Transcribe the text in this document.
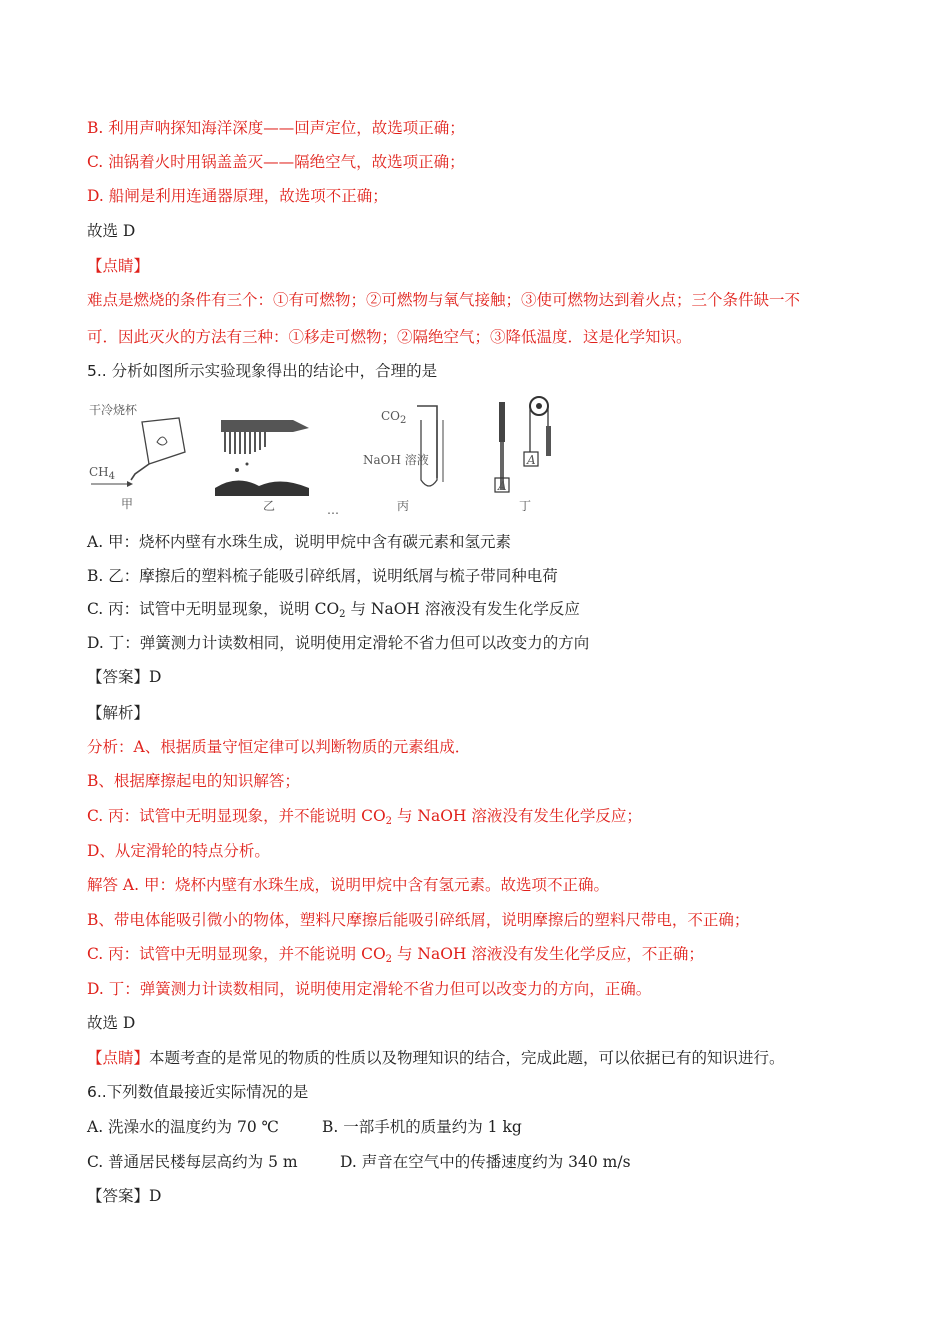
B. 利用声呐探知海洋深度——回声定位，故选项正确；
C. 油锅着火时用锅盖盖灭——隔绝空气，故选项正确；
D. 船闸是利用连通器原理，故选项不正确；
故选 D
【点睛】
难点是燃烧的条件有三个：①有可燃物；②可燃物与氧气接触；③使可燃物达到着火点；三个条件缺一不
可．因此灭火的方法有三种：①移走可燃物；②隔绝空气；③降低温度．这是化学知识。
5.. 分析如图所示实验现象得出的结论中，合理的是
干冷烧杯
$CH_4$
甲	乙	…
$CO_2$
NaOH 溶液
丙
A
A
丁
A. 甲：烧杯内壁有水珠生成，说明甲烷中含有碳元素和氢元素
B. 乙：摩擦后的塑料梳子能吸引碎纸屑，说明纸屑与梳子带同种电荷
C. 丙：试管中无明显现象，说明 $CO_2$ 与 NaOH 溶液没有发生化学反应
D. 丁：弹簧测力计读数相同，说明使用定滑轮不省力但可以改变力的方向
【答案】D
【解析】
分析：A、根据质量守恒定律可以判断物质的元素组成．
B、根据摩擦起电的知识解答；
C. 丙：试管中无明显现象，并不能说明 $CO_2$ 与 NaOH 溶液没有发生化学反应；
D、从定滑轮的特点分析。
解答 A. 甲：烧杯内壁有水珠生成，说明甲烷中含有氢元素。故选项不正确。
B、带电体能吸引微小的物体，塑料尺摩擦后能吸引碎纸屑，说明摩擦后的塑料尺带电，不正确；
C. 丙：试管中无明显现象，并不能说明 $CO_2$ 与 NaOH 溶液没有发生化学反应，不正确；
D. 丁：弹簧测力计读数相同，说明使用定滑轮不省力但可以改变力的方向，正确。
故选 D
【点睛】本题考查的是常见的物质的性质以及物理知识的结合，完成此题，可以依据已有的知识进行。
6..下列数值最接近实际情况的是
A. 洗澡水的温度约为 70 ℃	B. 一部手机的质量约为 1 kg
C. 普通居民楼每层高约为 5 m	D. 声音在空气中的传播速度约为 340 m/s
【答案】D
